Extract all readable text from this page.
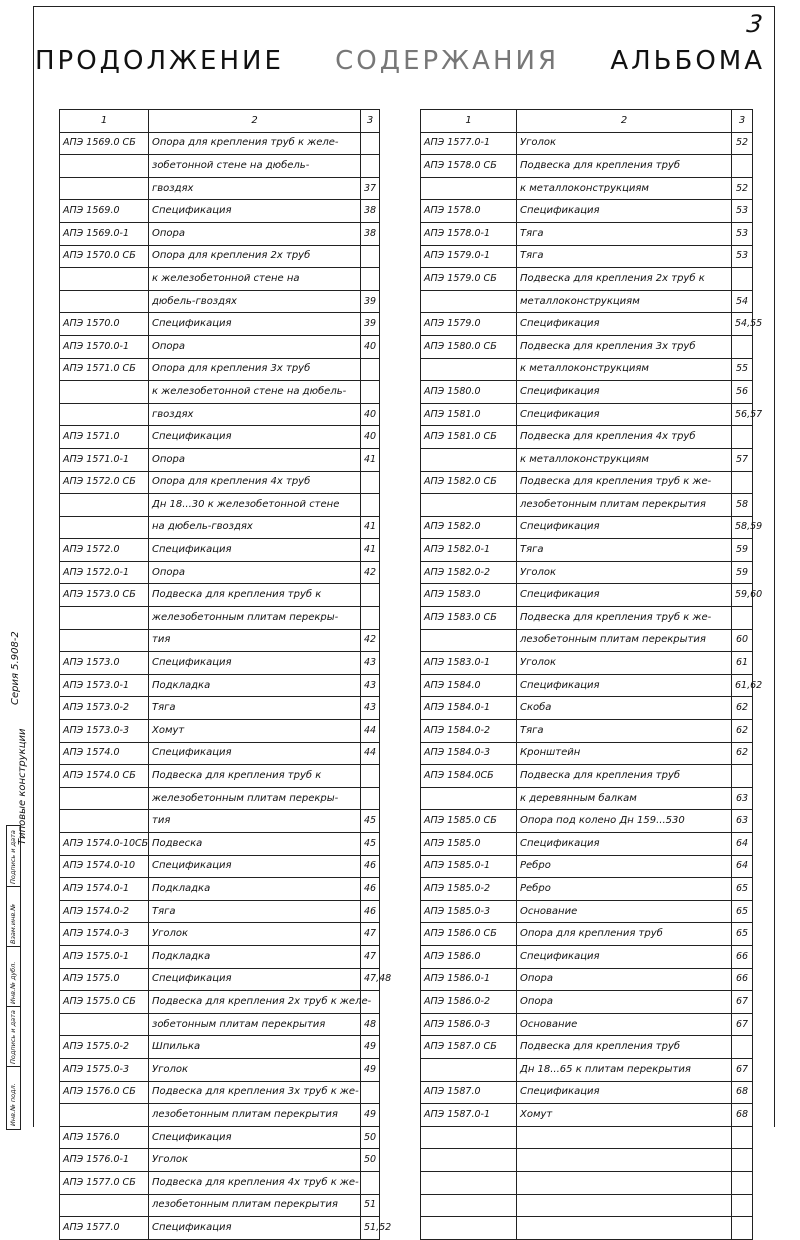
3
ПРОДОЛЖЕНИЕ СОДЕРЖАНИЯ АЛЬБОМА
1	2	3
АПЭ 1569.0 СБ	Опора для крепления труб к желе-	
	зобетонной стене на дюбель-	
	гвоздях	37
АПЭ 1569.0	Спецификация	38
АПЭ 1569.0-1	Опора	38
АПЭ 1570.0 СБ	Опора для крепления 2х труб	
	к железобетонной стене на	
	дюбель-гвоздях	39
АПЭ 1570.0	Спецификация	39
АПЭ 1570.0-1	Опора	40
АПЭ 1571.0 СБ	Опора для крепления 3х труб	
	к железобетонной стене на дюбель-	
	гвоздях	40
АПЭ 1571.0	Спецификация	40
АПЭ 1571.0-1	Опора	41
АПЭ 1572.0 СБ	Опора для крепления 4х труб	
	Дн 18...30 к железобетонной стене	
	на дюбель-гвоздях	41
АПЭ 1572.0	Спецификация	41
АПЭ 1572.0-1	Опора	42
АПЭ 1573.0 СБ	Подвеска для крепления труб к	
	железобетонным плитам перекры-	
	тия	42
АПЭ 1573.0	Спецификация	43
АПЭ 1573.0-1	Подкладка	43
АПЭ 1573.0-2	Тяга	43
АПЭ 1573.0-3	Хомут	44
АПЭ 1574.0	Спецификация	44
АПЭ 1574.0 СБ	Подвеска для крепления труб к	
	железобетонным плитам перекры-	
	тия	45
АПЭ 1574.0-10СБ	Подвеска	45
АПЭ 1574.0-10	Спецификация	46
АПЭ 1574.0-1	Подкладка	46
АПЭ 1574.0-2	Тяга	46
АПЭ 1574.0-3	Уголок	47
АПЭ 1575.0-1	Подкладка	47
АПЭ 1575.0	Спецификация	47,48
АПЭ 1575.0 СБ	Подвеска для крепления 2х труб к желе-	
	зобетонным плитам перекрытия	48
АПЭ 1575.0-2	Шпилька	49
АПЭ 1575.0-3	Уголок	49
АПЭ 1576.0 СБ	Подвеска для крепления 3х труб к же-	
	лезобетонным плитам перекрытия	49
АПЭ 1576.0	Спецификация	50
АПЭ 1576.0-1	Уголок	50
АПЭ 1577.0 СБ	Подвеска для крепления 4х труб к же-	
	лезобетонным плитам перекрытия	51
АПЭ 1577.0	Спецификация	51,52
1	2	3
АПЭ 1577.0-1	Уголок	52
АПЭ 1578.0 СБ	Подвеска для крепления труб	
	к металлоконструкциям	52
АПЭ 1578.0	Спецификация	53
АПЭ 1578.0-1	Тяга	53
АПЭ 1579.0-1	Тяга	53
АПЭ 1579.0 СБ	Подвеска для крепления 2х труб к	
	металлоконструкциям	54
АПЭ 1579.0	Спецификация	54,55
АПЭ 1580.0 СБ	Подвеска для крепления 3х труб	
	к металлоконструкциям	55
АПЭ 1580.0	Спецификация	56
АПЭ 1581.0	Спецификация	56,57
АПЭ 1581.0 СБ	Подвеска для крепления 4х труб	
	к металлоконструкциям	57
АПЭ 1582.0 СБ	Подвеска для крепления труб к же-	
	лезобетонным плитам перекрытия	58
АПЭ 1582.0	Спецификация	58,59
АПЭ 1582.0-1	Тяга	59
АПЭ 1582.0-2	Уголок	59
АПЭ 1583.0	Спецификация	59,60
АПЭ 1583.0 СБ	Подвеска для крепления труб к же-	
	лезобетонным плитам перекрытия	60
АПЭ 1583.0-1	Уголок	61
АПЭ 1584.0	Спецификация	61,62
АПЭ 1584.0-1	Скоба	62
АПЭ 1584.0-2	Тяга	62
АПЭ 1584.0-3	Кронштейн	62
АПЭ 1584.0СБ	Подвеска для крепления труб	
	к деревянным балкам	63
АПЭ 1585.0 СБ	Опора под колено Дн 159...530	63
АПЭ 1585.0	Спецификация	64
АПЭ 1585.0-1	Ребро	64
АПЭ 1585.0-2	Ребро	65
АПЭ 1585.0-3	Основание	65
АПЭ 1586.0 СБ	Опора для крепления труб	65
АПЭ 1586.0	Спецификация	66
АПЭ 1586.0-1	Опора	66
АПЭ 1586.0-2	Опора	67
АПЭ 1586.0-3	Основание	67
АПЭ 1587.0 СБ	Подвеска для крепления труб	
	Дн 18...65 к плитам перекрытия	67
АПЭ 1587.0	Спецификация	68
АПЭ 1587.0-1	Хомут	68

Серия 5.908-2
Типовые конструкции
Подпись и дата
Взам.инв.№
Инв.№ дубл.
Подпись и дата
Инв.№ подл.
